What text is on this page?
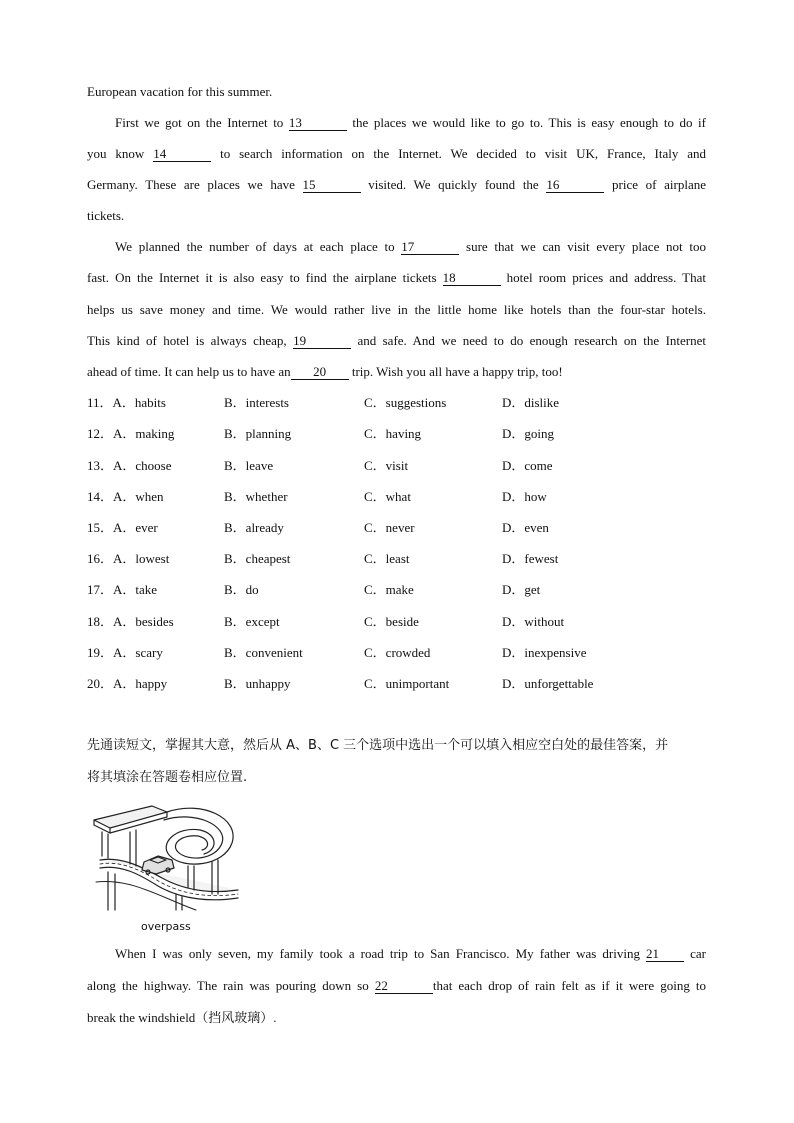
European vacation for this summer.
First we got on the Internet to 13	the places we would like to go to. This is easy enough to do if
you know 14	to search information on the Internet. We decided to visit UK, France, Italy and
Germany. These are places we have 15	visited. We quickly found the 16	price of airplane
tickets.
We planned the number of days at each place to 17	sure that we can visit every place not too
fast. On the Internet it is also easy to find the airplane tickets 18	hotel room prices and address. That
helps us save money and time. We would rather live in the little home like hotels than the four-star hotels.
This kind of hotel is always cheap, 19	and safe. And we need to do enough research on the Internet
ahead of time. It can help us to have an 20 trip. Wish you all have a happy trip, too!
11．A．habits	B．interests	C．suggestions	D．dislike
12．A．making	B．planning	C．having	D．going
13．A．choose	B．leave	C．visit	D．come
14．A．when	B．whether	C．what	D．how
15．A．ever	B．already	C．never	D．even
16．A．lowest	B．cheapest	C．least	D．fewest
17．A．take	B．do	C．make	D．get
18．A．besides	B．except	C．beside	D．without
19．A．scary	B．convenient	C．crowded	D．inexpensive
20．A．happy	B．unhappy	C．unimportant	D．unforgettable
先通读短文，掌握其大意，然后从 A、B、C 三个选项中选出一个可以填入相应空白处的最佳答案，并
将其填涂在答题卷相应位置.
overpass
When I was only seven, my family took a road trip to San Francisco. My father was driving 21 car
along the highway. The rain was pouring down so 22	that each drop of rain felt as if it were going to
break the windshield（挡风玻璃）.
